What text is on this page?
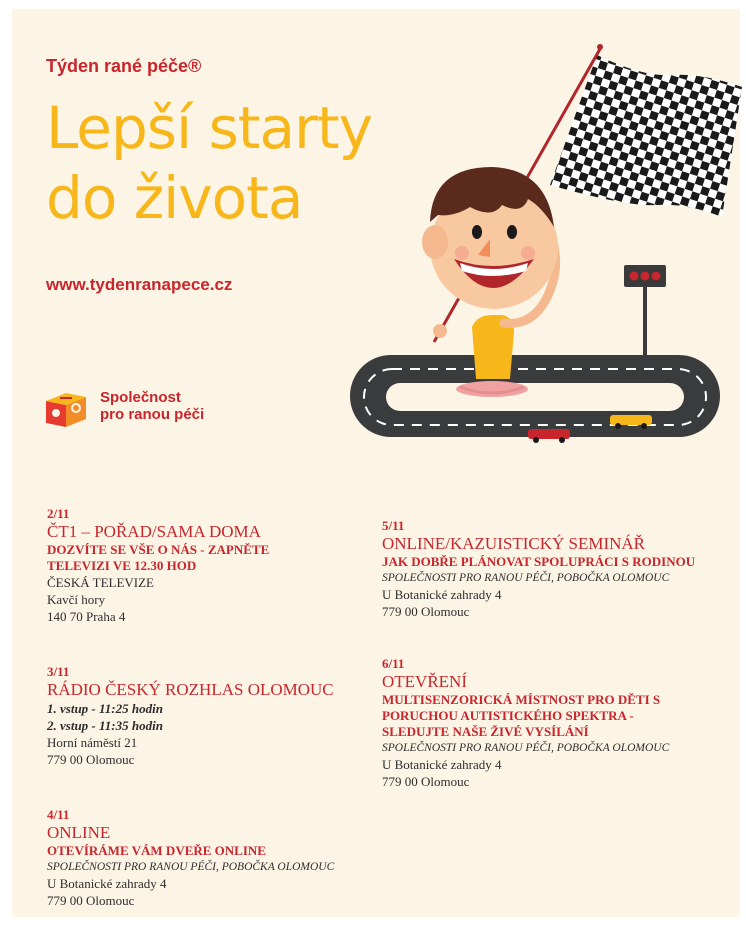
Týden rané péče®
Lepší starty
do života
www.tydenranapece.cz
Společnost
pro ranou péči
2/11
ČT1 – POŘAD/SAMA DOMA
DOZVÍTE SE VŠE O NÁS - ZAPNĚTE
TELEVIZI VE 12.30 HOD
ČESKÁ TELEVIZE
Kavčí hory
140 70 Praha 4
3/11
RÁDIO ČESKÝ ROZHLAS OLOMOUC
1. vstup - 11:25 hodin
2. vstup - 11:35 hodin
Horní náměstí 21
779 00 Olomouc
4/11
ONLINE
OTEVÍRÁME VÁM DVEŘE ONLINE
SPOLEČNOSTI PRO RANOU PÉČI, POBOČKA OLOMOUC
U Botanické zahrady 4
779 00 Olomouc
5/11
ONLINE/KAZUISTICKÝ SEMINÁŘ
JAK DOBŘE PLÁNOVAT SPOLUPRÁCI S RODINOU
SPOLEČNOSTI PRO RANOU PÉČI, POBOČKA OLOMOUC
U Botanické zahrady 4
779 00 Olomouc
6/11
OTEVŘENÍ
MULTISENZORICKÁ MÍSTNOST PRO DĚTI S
PORUCHOU AUTISTICKÉHO SPEKTRA -
SLEDUJTE NAŠE ŽIVÉ VYSÍLÁNÍ
SPOLEČNOSTI PRO RANOU PÉČI, POBOČKA OLOMOUC
U Botanické zahrady 4
779 00 Olomouc
